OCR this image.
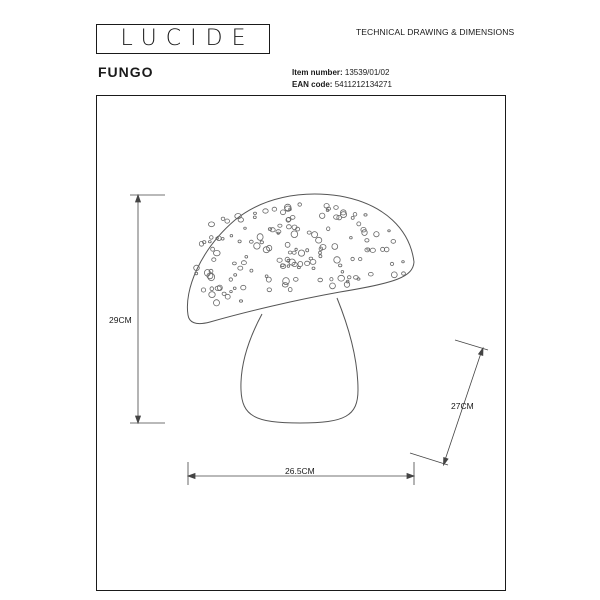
LUCIDE	TECHNICAL DRAWING & DIMENSIONS
FUNGO	Item number: 13539/01/02
EAN code: 5411212134271
29CM
26.5CM
27CM
